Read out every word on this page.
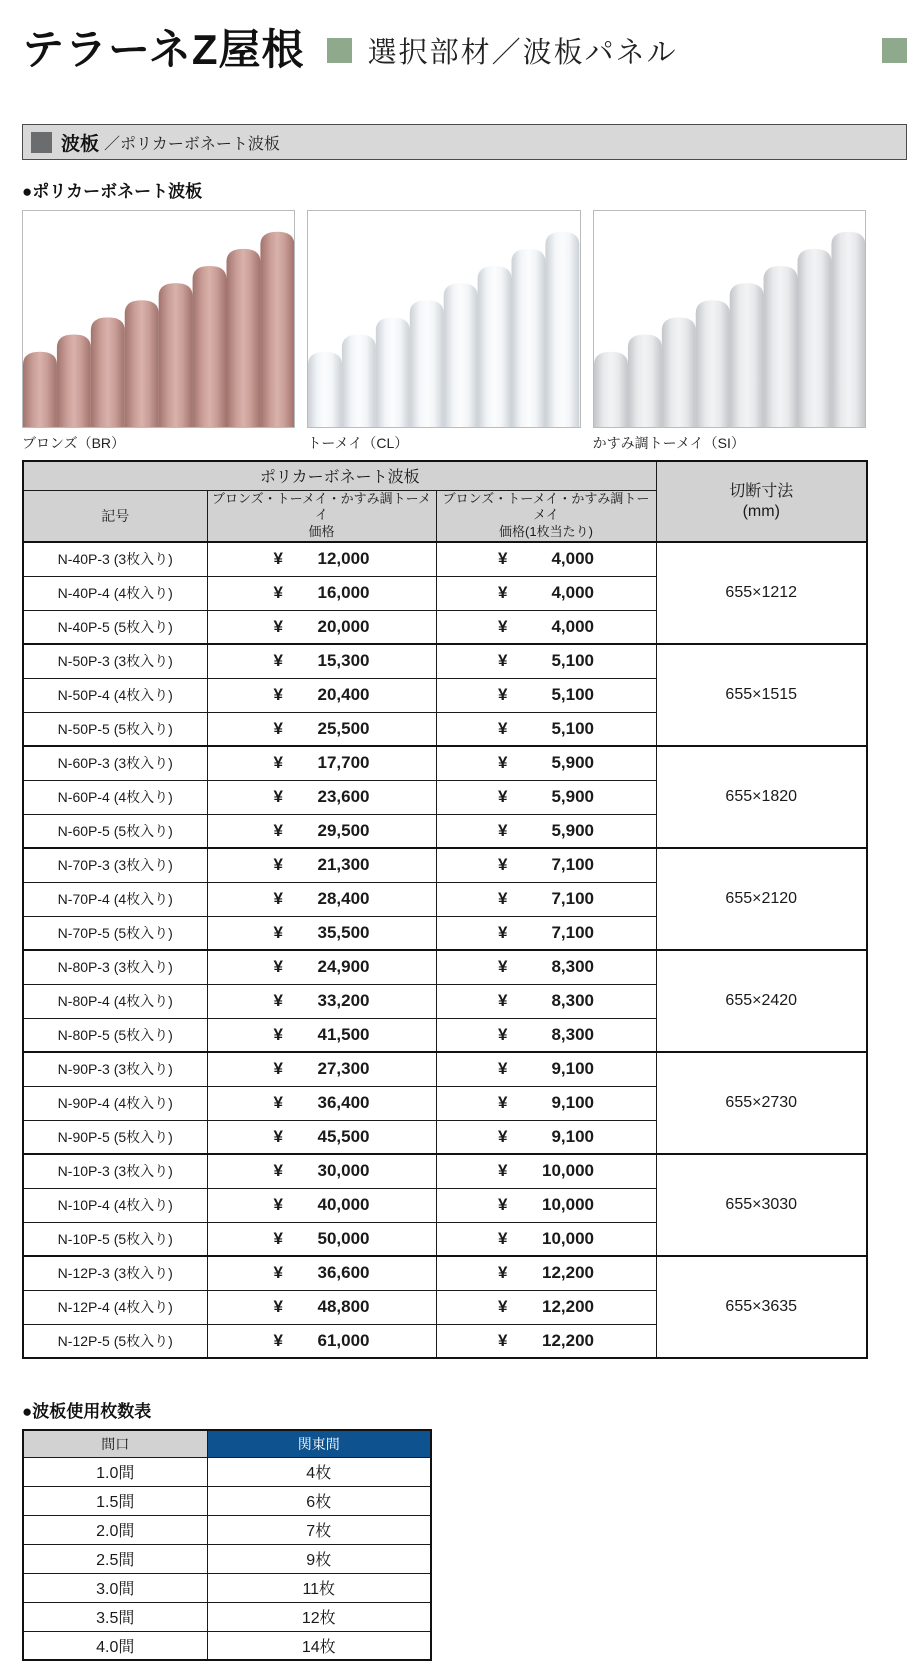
テラーネZ屋根 選択部材／波板パネル
波板 ／ポリカーボネート波板
●ポリカーボネート波板
ブロンズ（BR）	トーメイ（CL）	かすみ調トーメイ（SI）
ポリカーボネート波板			切断寸法
(mm)

記号	
ブロンズ・トーメイ・かすみ調トーメイ
価格

ブロンズ・トーメイ・かすみ調トーメイ
価格(1枚当たり)

N-40P-3 (3枚入り)	¥ 12,000	¥ 4,000	655×1212
N-40P-4 (4枚入り)	¥ 16,000	¥ 4,000	

N-40P-5 (5枚入り)	¥ 20,000	¥ 4,000	

N-50P-3 (3枚入り)	¥ 15,300	¥ 5,100	655×1515
N-50P-4 (4枚入り)	¥ 20,400	¥ 5,100	

N-50P-5 (5枚入り)	¥ 25,500	¥ 5,100	

N-60P-3 (3枚入り)	¥ 17,700	¥ 5,900	655×1820
N-60P-4 (4枚入り)	¥ 23,600	¥ 5,900	

N-60P-5 (5枚入り)	¥ 29,500	¥ 5,900	

N-70P-3 (3枚入り)	¥ 21,300	¥ 7,100	655×2120
N-70P-4 (4枚入り)	¥ 28,400	¥ 7,100	

N-70P-5 (5枚入り)	¥ 35,500	¥ 7,100	

N-80P-3 (3枚入り)	¥ 24,900	¥ 8,300	655×2420
N-80P-4 (4枚入り)	¥ 33,200	¥ 8,300	

N-80P-5 (5枚入り)	¥ 41,500	¥ 8,300	

N-90P-3 (3枚入り)	¥ 27,300	¥ 9,100	655×2730
N-90P-4 (4枚入り)	¥ 36,400	¥ 9,100	

N-90P-5 (5枚入り)	¥ 45,500	¥ 9,100	

N-10P-3 (3枚入り)	¥ 30,000	¥ 10,000	655×3030
N-10P-4 (4枚入り)	¥ 40,000	¥ 10,000	

N-10P-5 (5枚入り)	¥ 50,000	¥ 10,000	

N-12P-3 (3枚入り)	¥ 36,600	¥ 12,200	655×3635
N-12P-4 (4枚入り)	¥ 48,800	¥ 12,200	

N-12P-5 (5枚入り)	¥ 61,000	¥ 12,200	
●波板使用枚数表
間口	関東間
1.0間	4枚
1.5間	6枚
2.0間	7枚
2.5間	9枚
3.0間	11枚
3.5間	12枚
4.0間	14枚
